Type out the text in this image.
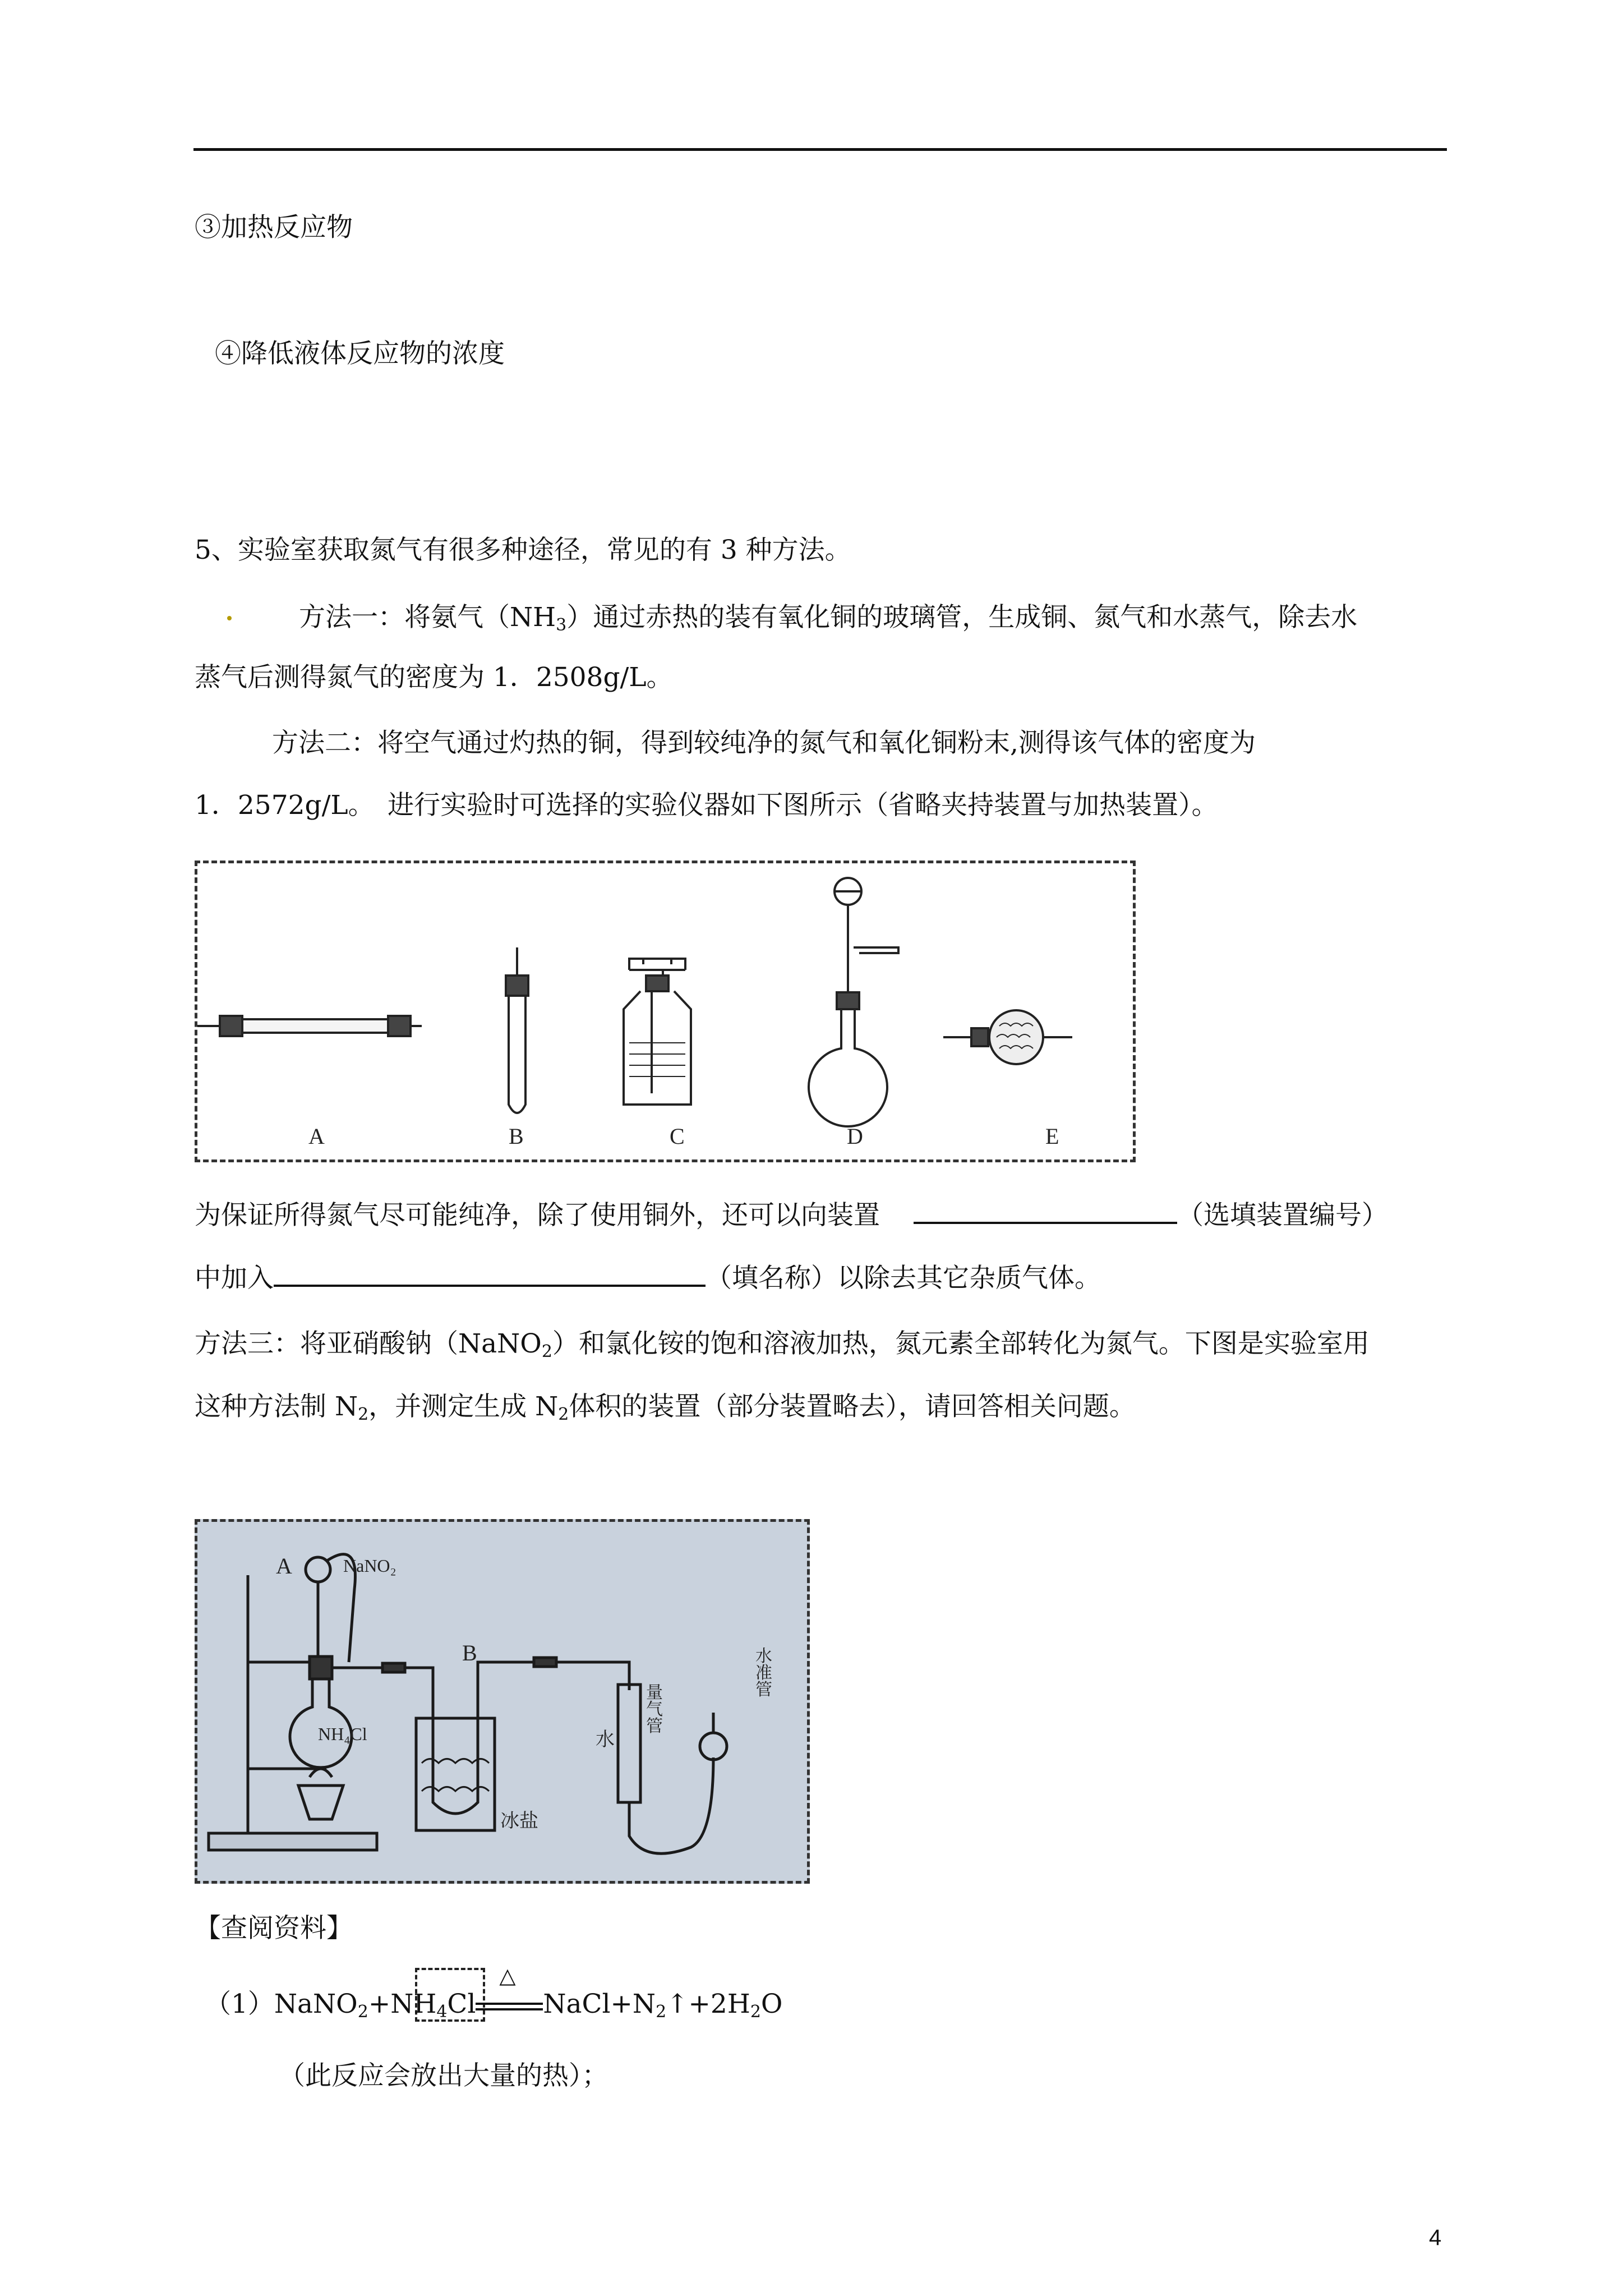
③加热反应物
④降低液体反应物的浓度
5、实验室获取氮气有很多种途径，常见的有 3 种方法。
方法一：将氨气$(NH_3)$通过赤热的装有氧化铜的玻璃管，生成铜、氮气和水蒸气，除去水
蒸气后测得氮气的密度为 1．2508g/L。
方法二：将空气通过灼热的铜，得到较纯净的氮气和氧化铜粉末,测得该气体的密度为
1．2572g/L。　进行实验时可选择的实验仪器如下图所示（省略夹持装置与加热装置）。
A	B	C	D	E
为保证所得氮气尽可能纯净，除了使用铜外，还可以向装置	（选填装置编号）
中加入	（填名称）以除去其它杂质气体。
方法三：将亚硝酸钠（NaNO$_2$）和氯化铵的饱和溶液加热，氮元素全部转化为氮气。下图是实验室用
这种方法制 $N_2$，并测定生成 $N_2$体积的装置（部分装置略去），请回答相关问题。
A	NaNO₂
B
NH₄Cl
冰盐
水
量气管
水准管
【查阅资料】
$(1)NaNO_2+NH_4Cl$
△
$NaCl+N_2↑+2H_2O$
（此反应会放出大量的热）；
4
